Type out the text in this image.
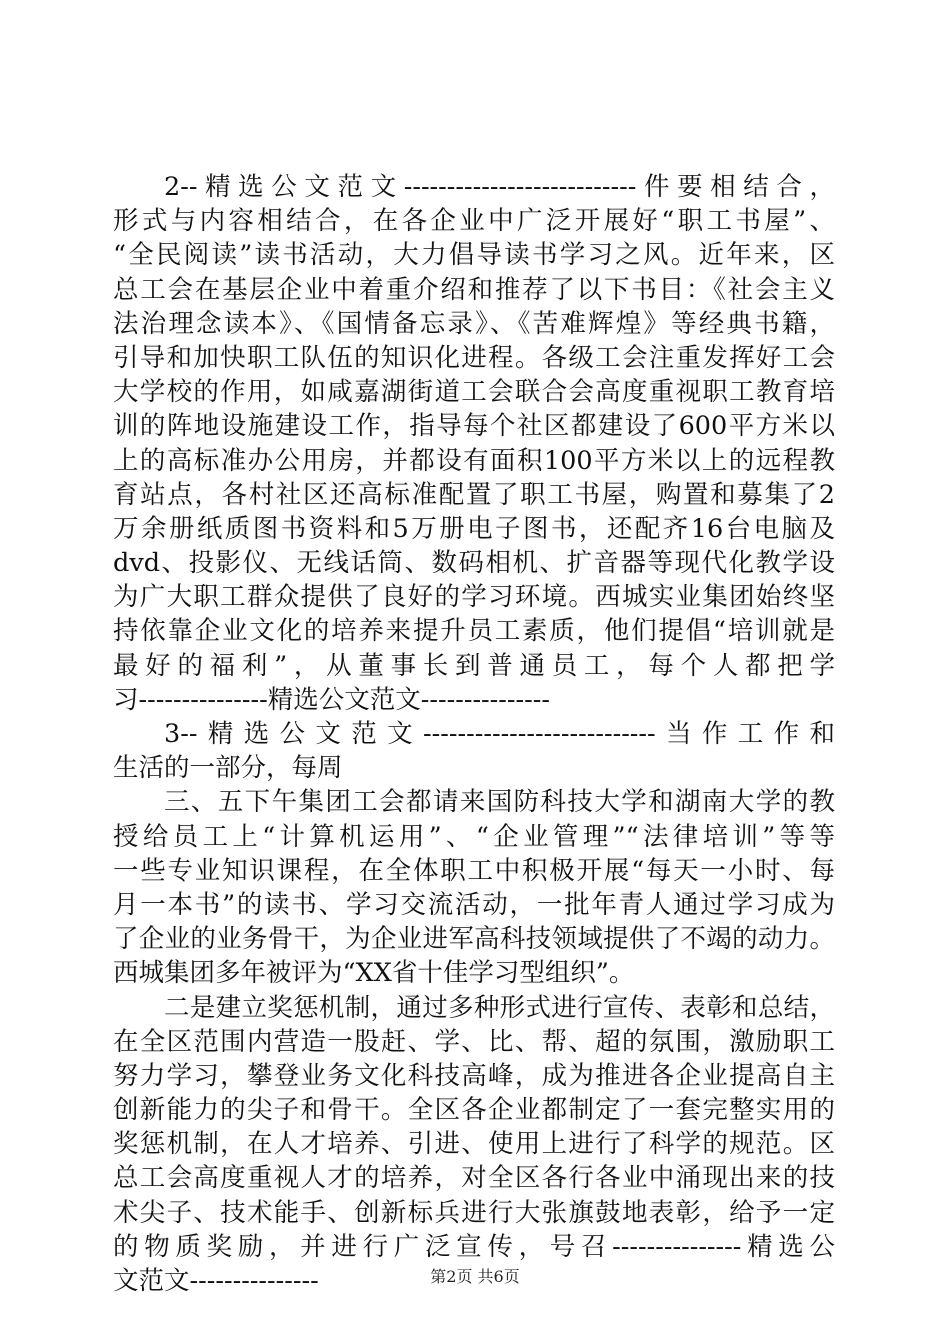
2--精选公文范文---------------------------件要相结合，
形式与内容相结合，在各企业中广泛开展好“职工书屋”、
“全民阅读”读书活动，大力倡导读书学习之风。近年来，区
总工会在基层企业中着重介绍和推荐了以下书目：《社会主义
法治理念读本》、《国情备忘录》、《苦难辉煌》等经典书籍，
引导和加快职工队伍的知识化进程。各级工会注重发挥好工会
大学校的作用，如咸嘉湖街道工会联合会高度重视职工教育培
训的阵地设施建设工作，指导每个社区都建设了600平方米以
上的高标准办公用房，并都设有面积100平方米以上的远程教
育站点，各村社区还高标准配置了职工书屋，购置和募集了2
万余册纸质图书资料和5万册电子图书，还配齐16台电脑及
dvd、投影仪、无线话筒、数码相机、扩音器等现代化教学设
为广大职工群众提供了良好的学习环境。西城实业集团始终坚
持依靠企业文化的培养来提升员工素质，他们提倡“培训就是
最好的福利”，从董事长到普通员工，每个人都把学
习---------------精选公文范文---------------
3--精选公文范文---------------------------当作工作和
生活的一部分，每周
三、五下午集团工会都请来国防科技大学和湖南大学的教
授给员工上“计算机运用”、“企业管理”“法律培训”等等
一些专业知识课程，在全体职工中积极开展“每天一小时、每
月一本书”的读书、学习交流活动，一批年青人通过学习成为
了企业的业务骨干，为企业进军高科技领域提供了不竭的动力。
西城集团多年被评为“XX省十佳学习型组织”。
二是建立奖惩机制，通过多种形式进行宣传、表彰和总结，
在全区范围内营造一股赶、学、比、帮、超的氛围，激励职工
努力学习，攀登业务文化科技高峰，成为推进各企业提高自主
创新能力的尖子和骨干。全区各企业都制定了一套完整实用的
奖惩机制，在人才培养、引进、使用上进行了科学的规范。区
总工会高度重视人才的培养，对全区各行各业中涌现出来的技
术尖子、技术能手、创新标兵进行大张旗鼓地表彰，给予一定
的物质奖励，并进行广泛宣传，号召---------------精选公
文范文---------------	第2页 共6页
